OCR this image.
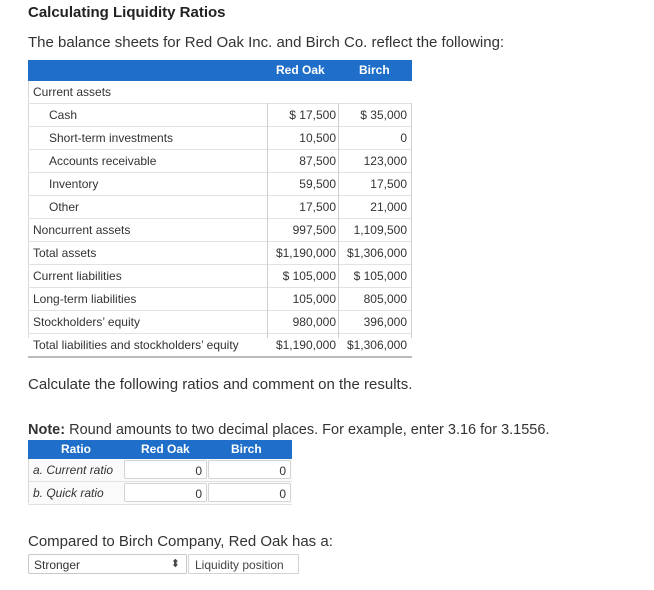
Calculating Liquidity Ratios
The balance sheets for Red Oak Inc. and Birch Co. reflect the following:
Red Oak	Birch
Current assets
Cash	$ 17,500 $ 35,000
Short-term investments	10,500	0
Accounts receivable	87,500 123,000
Inventory	59,500	17,500
Other	17,500	21,000
Noncurrent assets	997,500 1,109,500
Total assets	$1,190,000 $1,306,000
Current liabilities	$ 105,000 $ 105,000
Long-term liabilities	105,000 805,000
Stockholders’ equity	980,000 396,000
Total liabilities and stockholders’ equity	$1,190,000 $1,306,000
Calculate the following ratios and comment on the results.
Note: Round amounts to two decimal places. For example, enter 3.16 for 3.1556.
Ratio	Red Oak	Birch
a. Current ratio	0	0
b. Quick ratio	0	0
Compared to Birch Company, Red Oak has a:
Stronger	⬍ Liquidity position
